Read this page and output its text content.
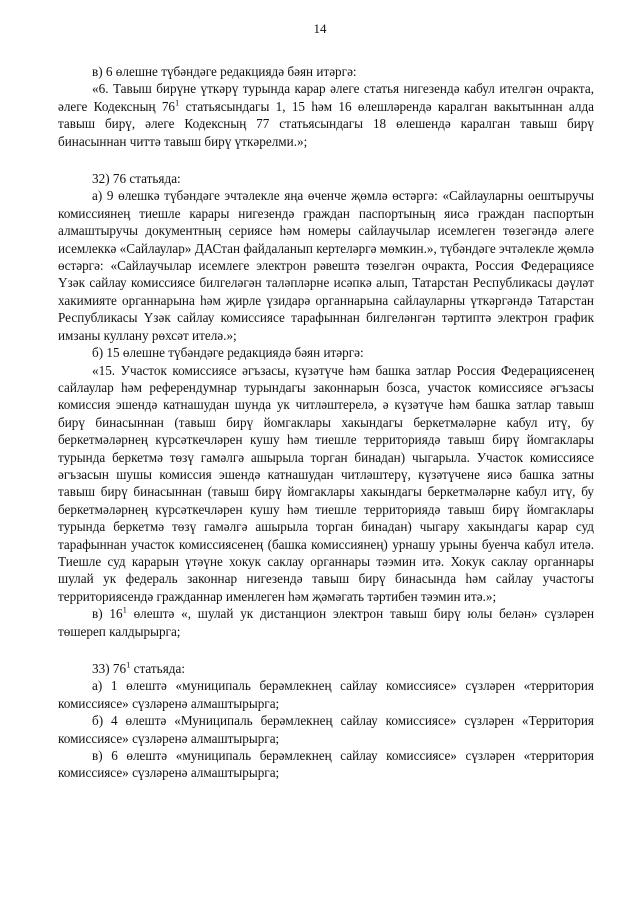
14

в) 6 өлешне түбәндәге редакциядә бәян итәргә:

«6. Тавыш бирүне үткәрү турында карар әлеге статья нигезендә кабул ителгән очракта, әлеге Кодексның $76^1$ статьясындагы 1, 15 һәм 16 өлешләрендә каралган вакытыннан алда тавыш бирү, әлеге Кодексның 77 статьясындагы 18 өлешендә каралган тавыш бирү бинасыннан читтә тавыш бирү үткәрелми.»;

32) 76 статьяда:

а) 9 өлешкә түбәндәге эчтәлекле яңа өченче җөмлә өстәргә: «Сайлауларны оештыручы комиссиянең тиешле карары нигезендә граждан паспортының яисә граждан паспортын алмаштыручы документның сериясе һәм номеры сайлаучылар исемлеген төзегәндә әлеге исемлеккә «Сайлаулар» ДАСтан файдаланып кертеләргә мөмкин.», түбәндәге эчтәлекле җөмлә өстәргә: «Сайлаучылар исемлеге электрон рәвештә төзелгән очракта, Россия Федерациясе Үзәк сайлау комиссиясе билгеләгән таләпләрне исәпкә алып, Татарстан Республикасы дәүләт хакимияте органнарына һәм җирле үзидарә органнарына сайлауларны үткәргәндә Татарстан Республикасы Үзәк сайлау комиссиясе тарафыннан билгеләнгән тәртиптә электрон график имзаны куллану рөхсәт ителә.»;

б) 15 өлешне түбәндәге редакциядә бәян итәргә:

«15. Участок комиссиясе әгъзасы, күзәтүче һәм башка затлар Россия Федерациясенең сайлаулар һәм референдумнар турындагы законнарын бозса, участок комиссиясе әгъзасы комиссия эшендә катнашудан шунда ук читләштерелә, ә күзәтүче һәм башка затлар тавыш бирү бинасыннан (тавыш бирү йомгаклары хакындагы беркетмәләрне кабул итү, бу беркетмәләрнең күрсәткечләрен кушу һәм тиешле территориядә тавыш бирү йомгаклары турында беркетмә төзү гамәлгә ашырыла торган бинадан) чыгарыла. Участок комиссиясе әгъзасын шушы комиссия эшендә катнашудан читләштерү, күзәтүчене яисә башка затны тавыш бирү бинасыннан (тавыш бирү йомгаклары хакындагы беркетмәләрне кабул итү, бу беркетмәләрнең күрсәткечләрен кушу һәм тиешле территориядә тавыш бирү йомгаклары турында беркетмә төзү гамәлгә ашырыла торган бинадан) чыгару хакындагы карар суд тарафыннан участок комиссиясенең (башка комиссиянең) урнашу урыны буенча кабул ителә. Тиешле суд карарын үтәүне хокук саклау органнары тәэмин итә. Хокук саклау органнары шулай ук федераль законнар нигезендә тавыш бирү бинасында һәм сайлау участогы территориясендә гражданнар именлеген һәм җәмәгать тәртибен тәэмин итә.»;

в) $16^1$ өлештә «, шулай ук дистанцион электрон тавыш бирү юлы белән» сүзләрен төшереп калдырырга;

33) $76^1$ статьяда:

а) 1 өлештә «муниципаль берәмлекнең сайлау комиссиясе» сүзләрен «территория комиссиясе» сүзләренә алмаштырырга;

б) 4 өлештә «Муниципаль берәмлекнең сайлау комиссиясе» сүзләрен «Территория комиссиясе» сүзләренә алмаштырырга;

в) 6 өлештә «муниципаль берәмлекнең сайлау комиссиясе» сүзләрен «территория комиссиясе» сүзләренә алмаштырырга;
